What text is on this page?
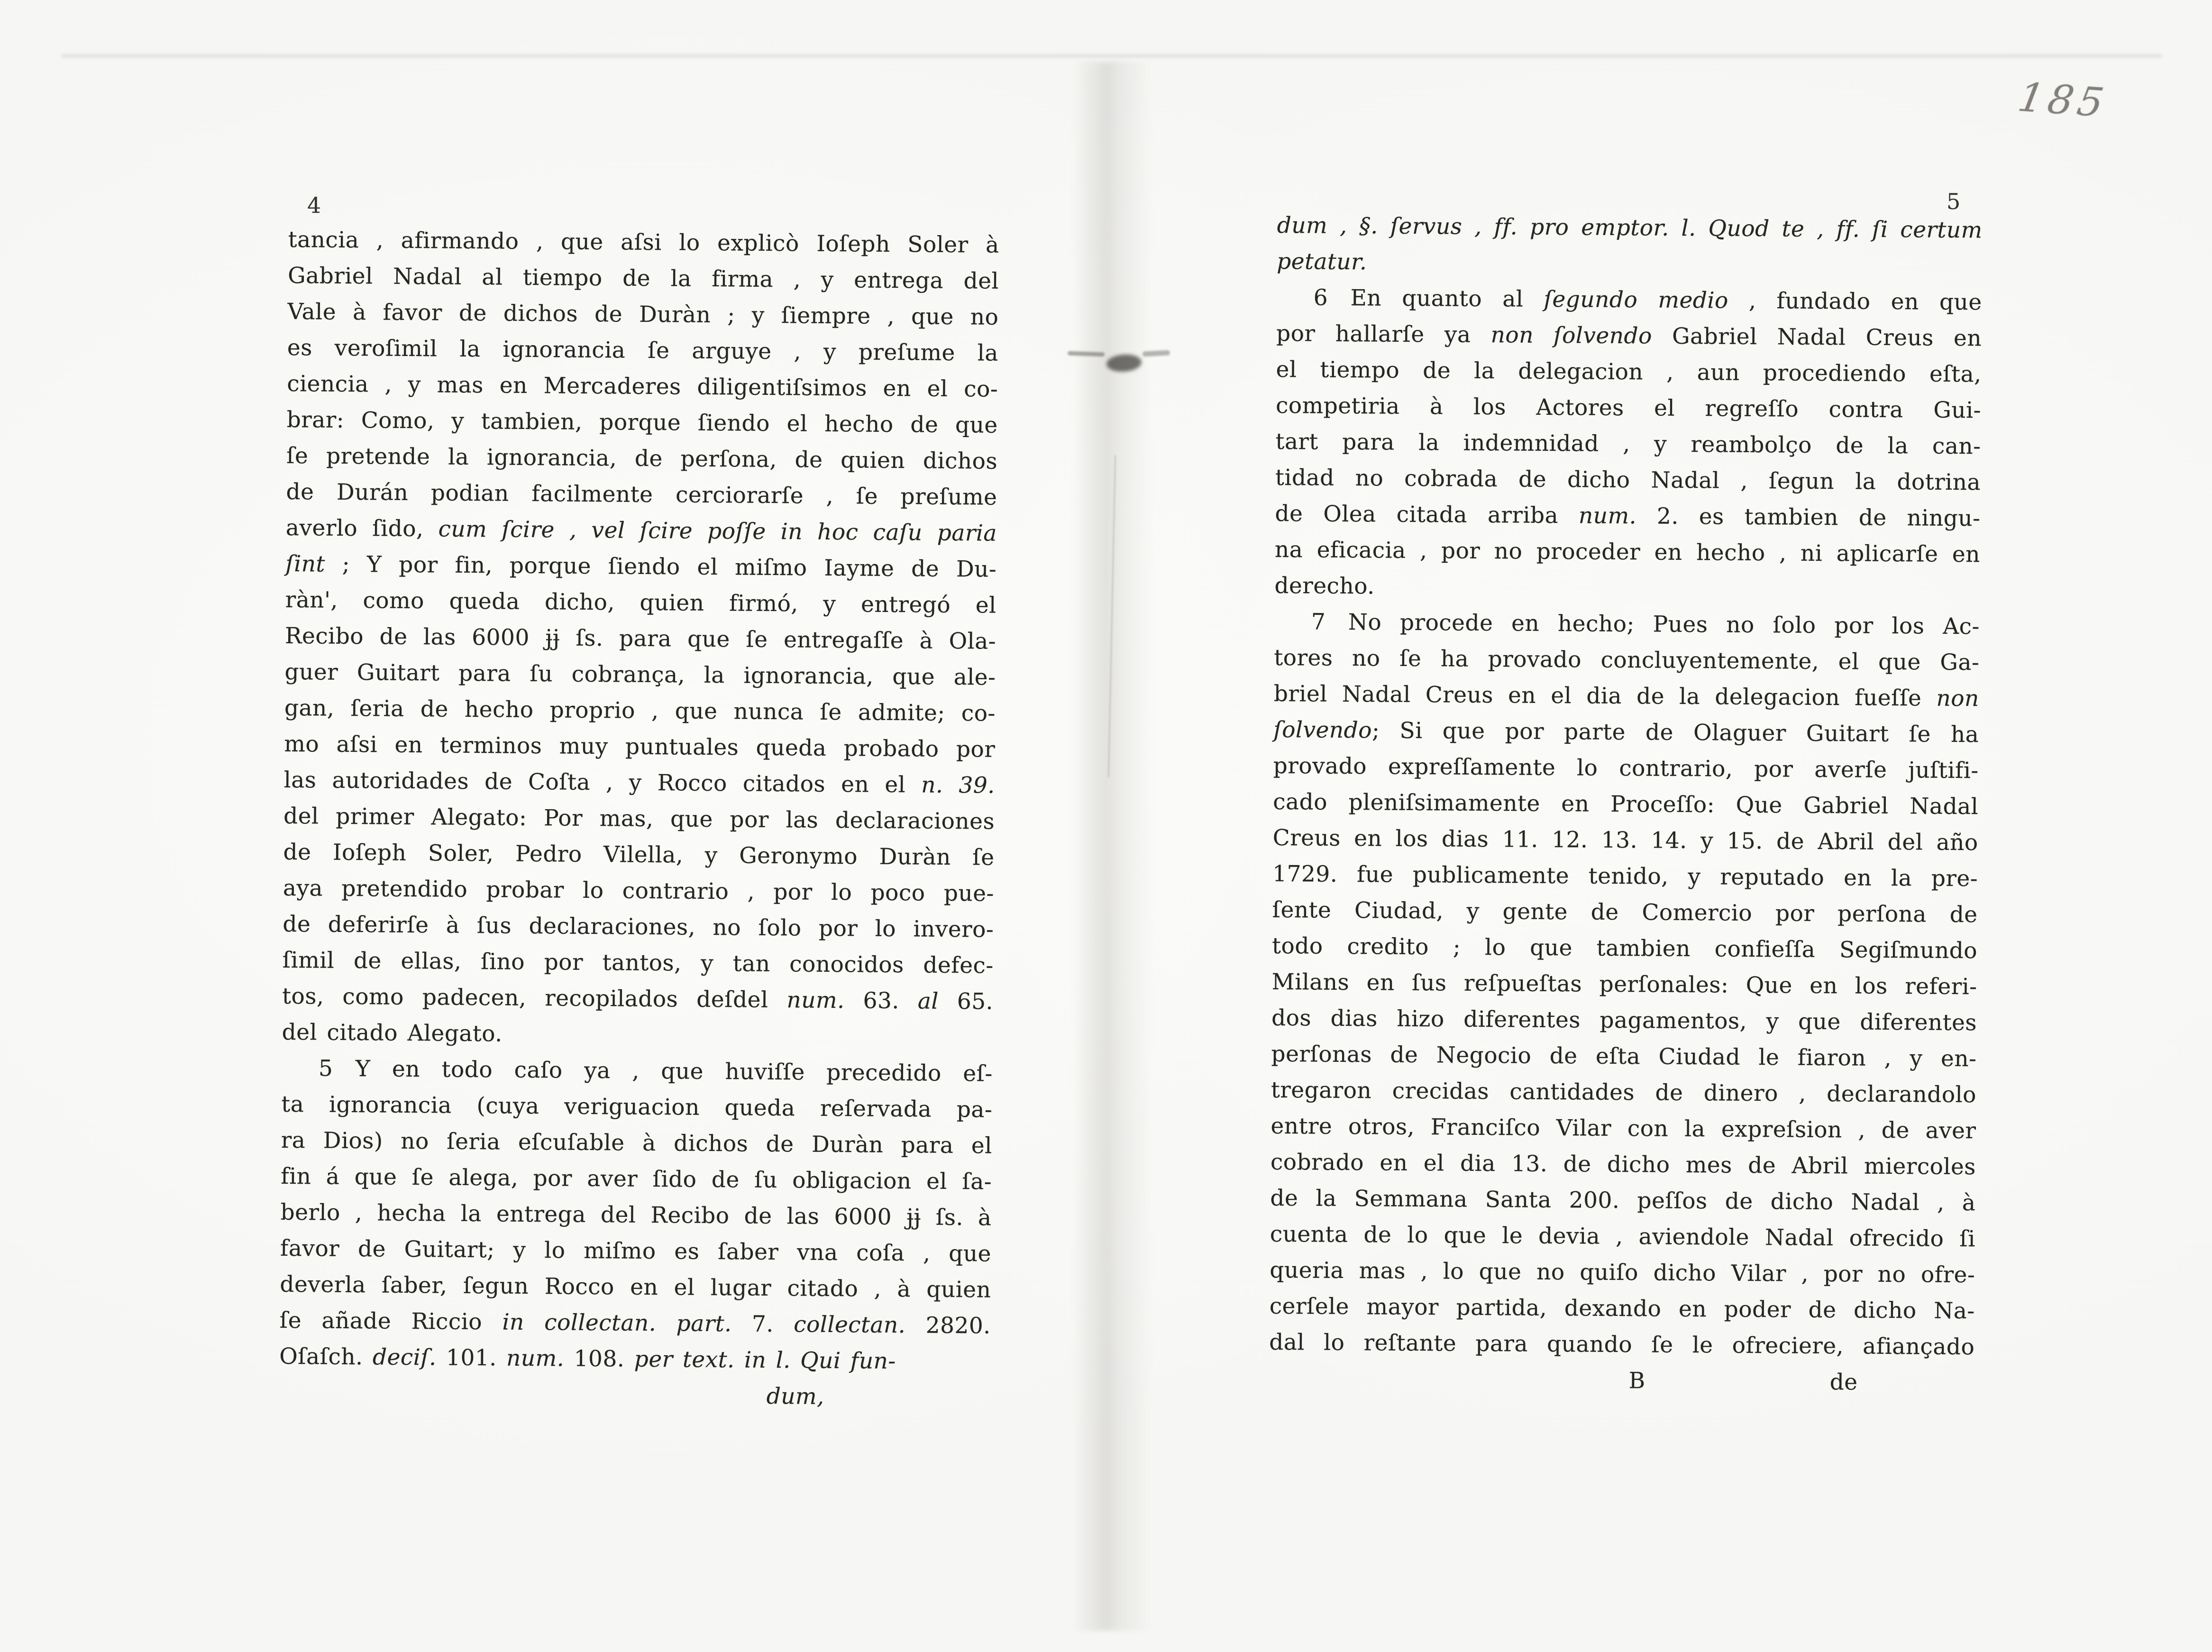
185
4	5
tancia , afirmando , que aſsi lo explicò Ioſeph Soler à
Gabriel Nadal al tiempo de la firma , y entrega del
Vale à favor de dichos de Duràn ; y ſiempre , que no
es veroſimil la ignorancia ſe arguye , y preſume la
ciencia , y mas en Mercaderes diligentiſsimos en el co-
brar: Como, y tambien, porque ſiendo el hecho de que
ſe pretende la ignorancia, de perſona, de quien dichos
de Durán podian facilmente cerciorarſe , ſe preſume
averlo ſido, cum ſcire , vel ſcire poſſe in hoc caſu paria
ſint ; Y por fin, porque ſiendo el miſmo Iayme de Du-
ràn', como queda dicho, quien firmó, y entregó el
Recibo de las 6000 ɉɉ ſs. para que ſe entregaſſe à Ola-
guer Guitart para ſu cobrança, la ignorancia, que ale-
gan, ſeria de hecho proprio , que nunca ſe admite; co-
mo aſsi en terminos muy puntuales queda probado por
las autoridades de Coſta , y Rocco citados en el n. 39.
del primer Alegato: Por mas, que por las declaraciones
de Ioſeph Soler, Pedro Vilella, y Geronymo Duràn ſe
aya pretendido probar lo contrario , por lo poco pue-
de deferirſe à ſus declaraciones, no ſolo por lo invero-
ſimil de ellas, ſino por tantos, y tan conocidos defec-
tos, como padecen, recopilados deſdel num. 63. al 65.
del citado Alegato.
5 Y en todo caſo ya , que huviſſe precedido eſ-
ta ignorancia (cuya veriguacion queda reſervada pa-
ra Dios) no ſeria eſcuſable à dichos de Duràn para el
fin á que ſe alega, por aver ſido de ſu obligacion el ſa-
berlo , hecha la entrega del Recibo de las 6000 ɉɉ ſs. à
favor de Guitart; y lo miſmo es ſaber vna coſa , que
deverla ſaber, ſegun Rocco en el lugar citado , à quien
ſe añade Riccio in collectan. part. 7. collectan. 2820.
Oſaſch. deciſ. 101. num. 108. per text. in l. Qui fun-
dum,
dum , §. ſervus , ff. pro emptor. l. Quod te , ff. ſi certum
petatur.
6 En quanto al ſegundo medio , fundado en que
por hallarſe ya non ſolvendo Gabriel Nadal Creus en
el tiempo de la delegacion , aun procediendo eſta,
competiria à los Actores el regreſſo contra Gui-
tart para la indemnidad , y reambolço de la can-
tidad no cobrada de dicho Nadal , ſegun la dotrina
de Olea citada arriba num. 2. es tambien de ningu-
na eficacia , por no proceder en hecho , ni aplicarſe en
derecho.
7 No procede en hecho; Pues no ſolo por los Ac-
tores no ſe ha provado concluyentemente, el que Ga-
briel Nadal Creus en el dia de la delegacion fueſſe non
ſolvendo; Si que por parte de Olaguer Guitart ſe ha
provado expreſſamente lo contrario, por averſe juſtifi-
cado pleniſsimamente en Proceſſo: Que Gabriel Nadal
Creus en los dias 11. 12. 13. 14. y 15. de Abril del año
1729. fue publicamente tenido, y reputado en la pre-
ſente Ciudad, y gente de Comercio por perſona de
todo credito ; lo que tambien confieſſa Segiſmundo
Milans en ſus reſpueſtas perſonales: Que en los referi-
dos dias hizo diferentes pagamentos, y que diferentes
perſonas de Negocio de eſta Ciudad le fiaron , y en-
tregaron crecidas cantidades de dinero , declarandolo
entre otros, Franciſco Vilar con la expreſsion , de aver
cobrado en el dia 13. de dicho mes de Abril miercoles
de la Semmana Santa 200. peſſos de dicho Nadal , à
cuenta de lo que le devia , aviendole Nadal ofrecido ſi
queria mas , lo que no quiſo dicho Vilar , por no ofre-
cerſele mayor partida, dexando en poder de dicho Na-
dal lo reſtante para quando ſe le ofreciere, afiançado
B	de
